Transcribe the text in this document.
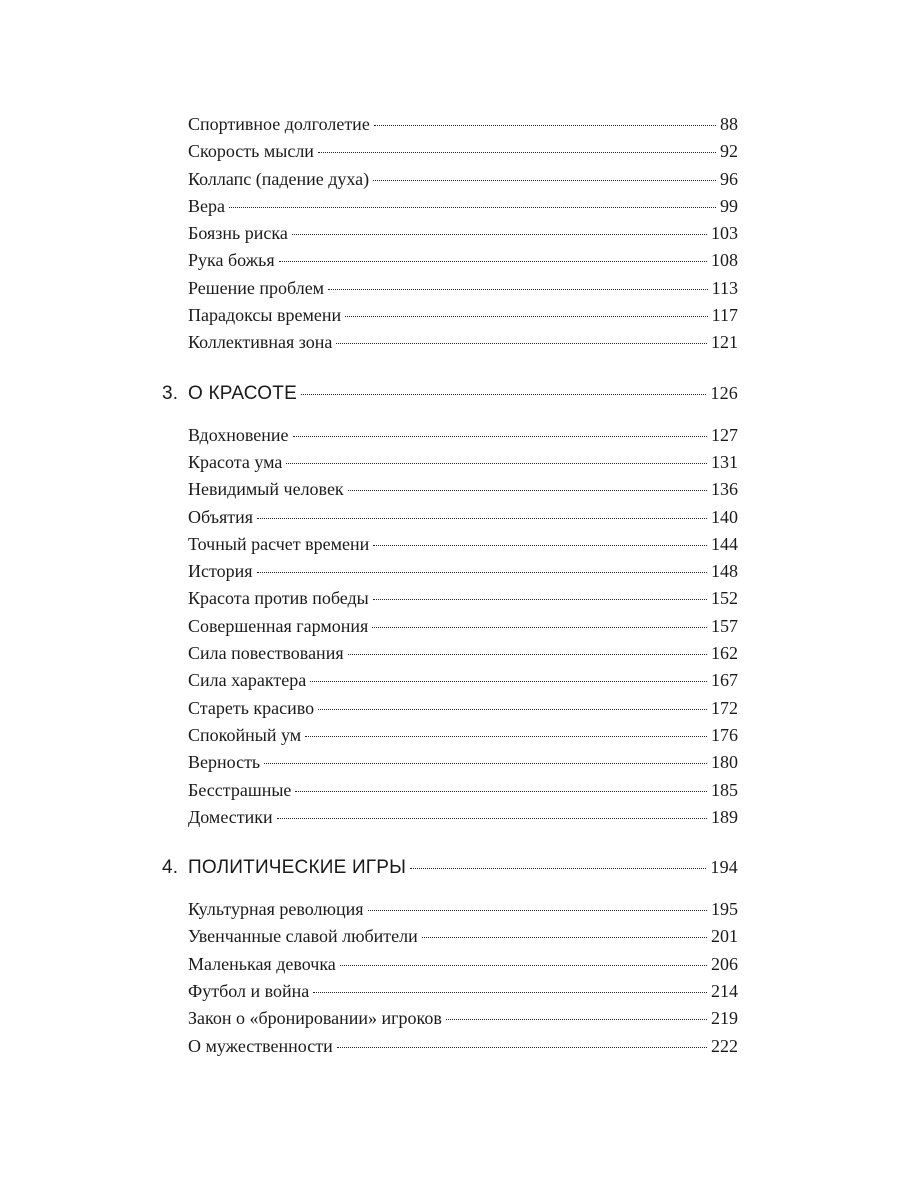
Спортивное долголетие	88
Скорость мысли	92
Коллапс (падение духа)	96
Вера	99
Боязнь риска	103
Рука божья	108
Решение проблем	113
Парадоксы времени	117
Коллективная зона	121
3. О КРАСОТЕ	126
Вдохновение	127
Красота ума	131
Невидимый человек	136
Объятия	140
Точный расчет времени	144
История	148
Красота против победы	152
Совершенная гармония	157
Сила повествования	162
Сила характера	167
Стареть красиво	172
Спокойный ум	176
Верность	180
Бесстрашные	185
Доместики	189
4. ПОЛИТИЧЕСКИЕ ИГРЫ	194
Культурная революция	195
Увенчанные славой любители	201
Маленькая девочка	206
Футбол и война	214
Закон о «бронировании» игроков	219
О мужественности	222
